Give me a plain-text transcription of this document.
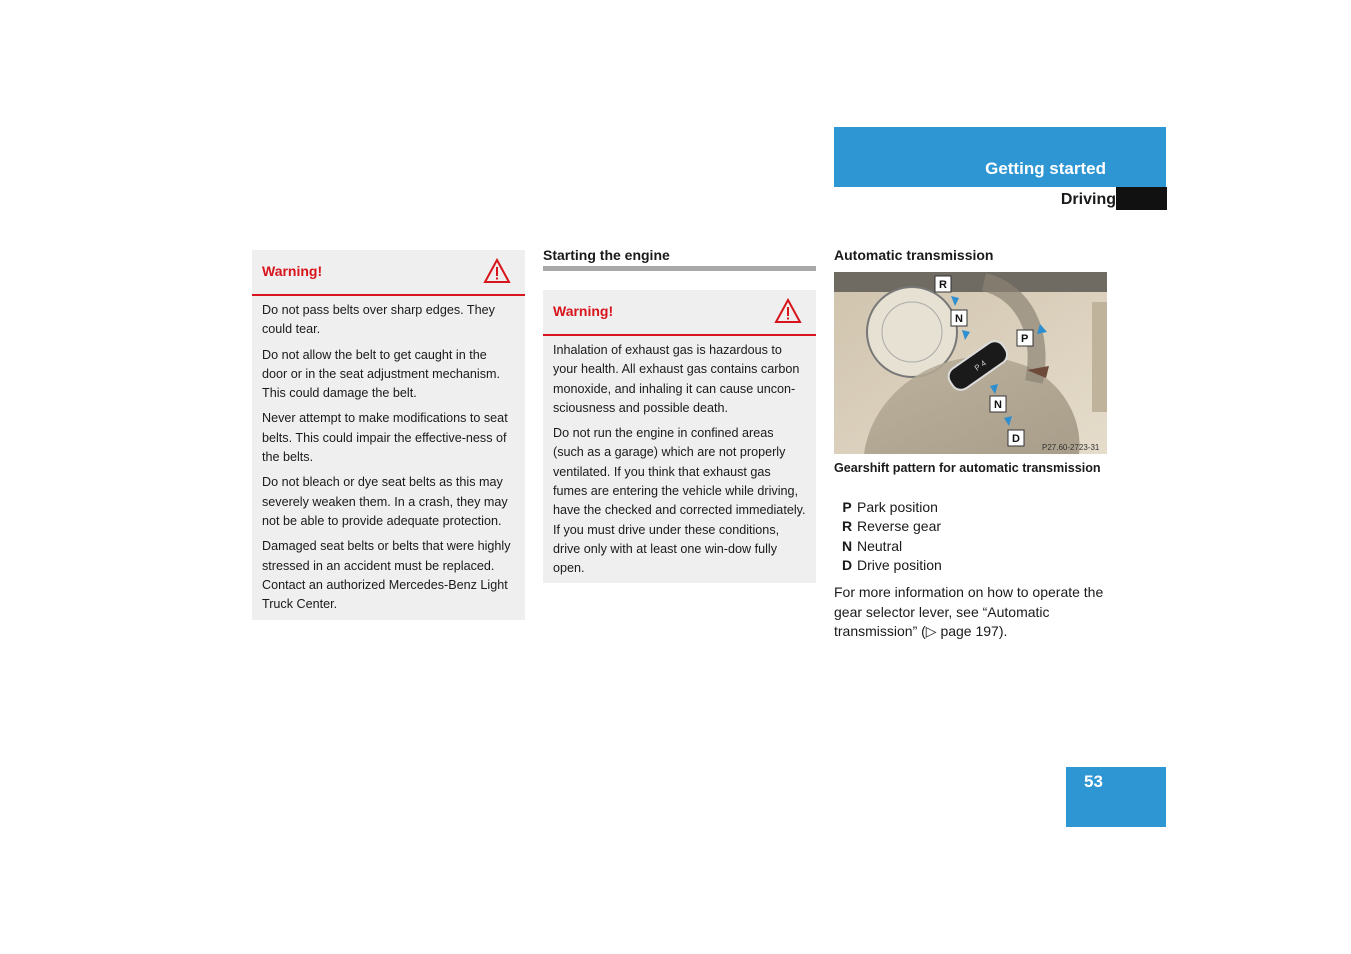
Getting started
Driving
Warning!

Do not pass belts over sharp edges. They could tear.

Do not allow the belt to get caught in the door or in the seat adjustment mechanism. This could damage the belt.

Never attempt to make modifications to seat belts. This could impair the effective-ness of the belts.

Do not bleach or dye seat belts as this may severely weaken them. In a crash, they may not be able to provide adequate protection.

Damaged seat belts or belts that were highly stressed in an accident must be replaced. Contact an authorized Mercedes-Benz Light Truck Center.

Starting the engine
Warning!

Inhalation of exhaust gas is hazardous to your health. All exhaust gas contains carbon monoxide, and inhaling it can cause uncon-sciousness and possible death.

Do not run the engine in confined areas (such as a garage) which are not properly ventilated. If you think that exhaust gas fumes are entering the vehicle while driving, have the checked and corrected immediately. If you must drive under these conditions, drive only with at least one win-dow fully open.

Automatic transmission
P 4
R
N
P
N
D
P27.60-2723-31
Gearshift pattern for automatic transmission
P Park position
R Reverse gear
N Neutral
D Drive position
For more information on how to operate the gear selector lever, see “Automatic transmission” (▷ page 197).
53
